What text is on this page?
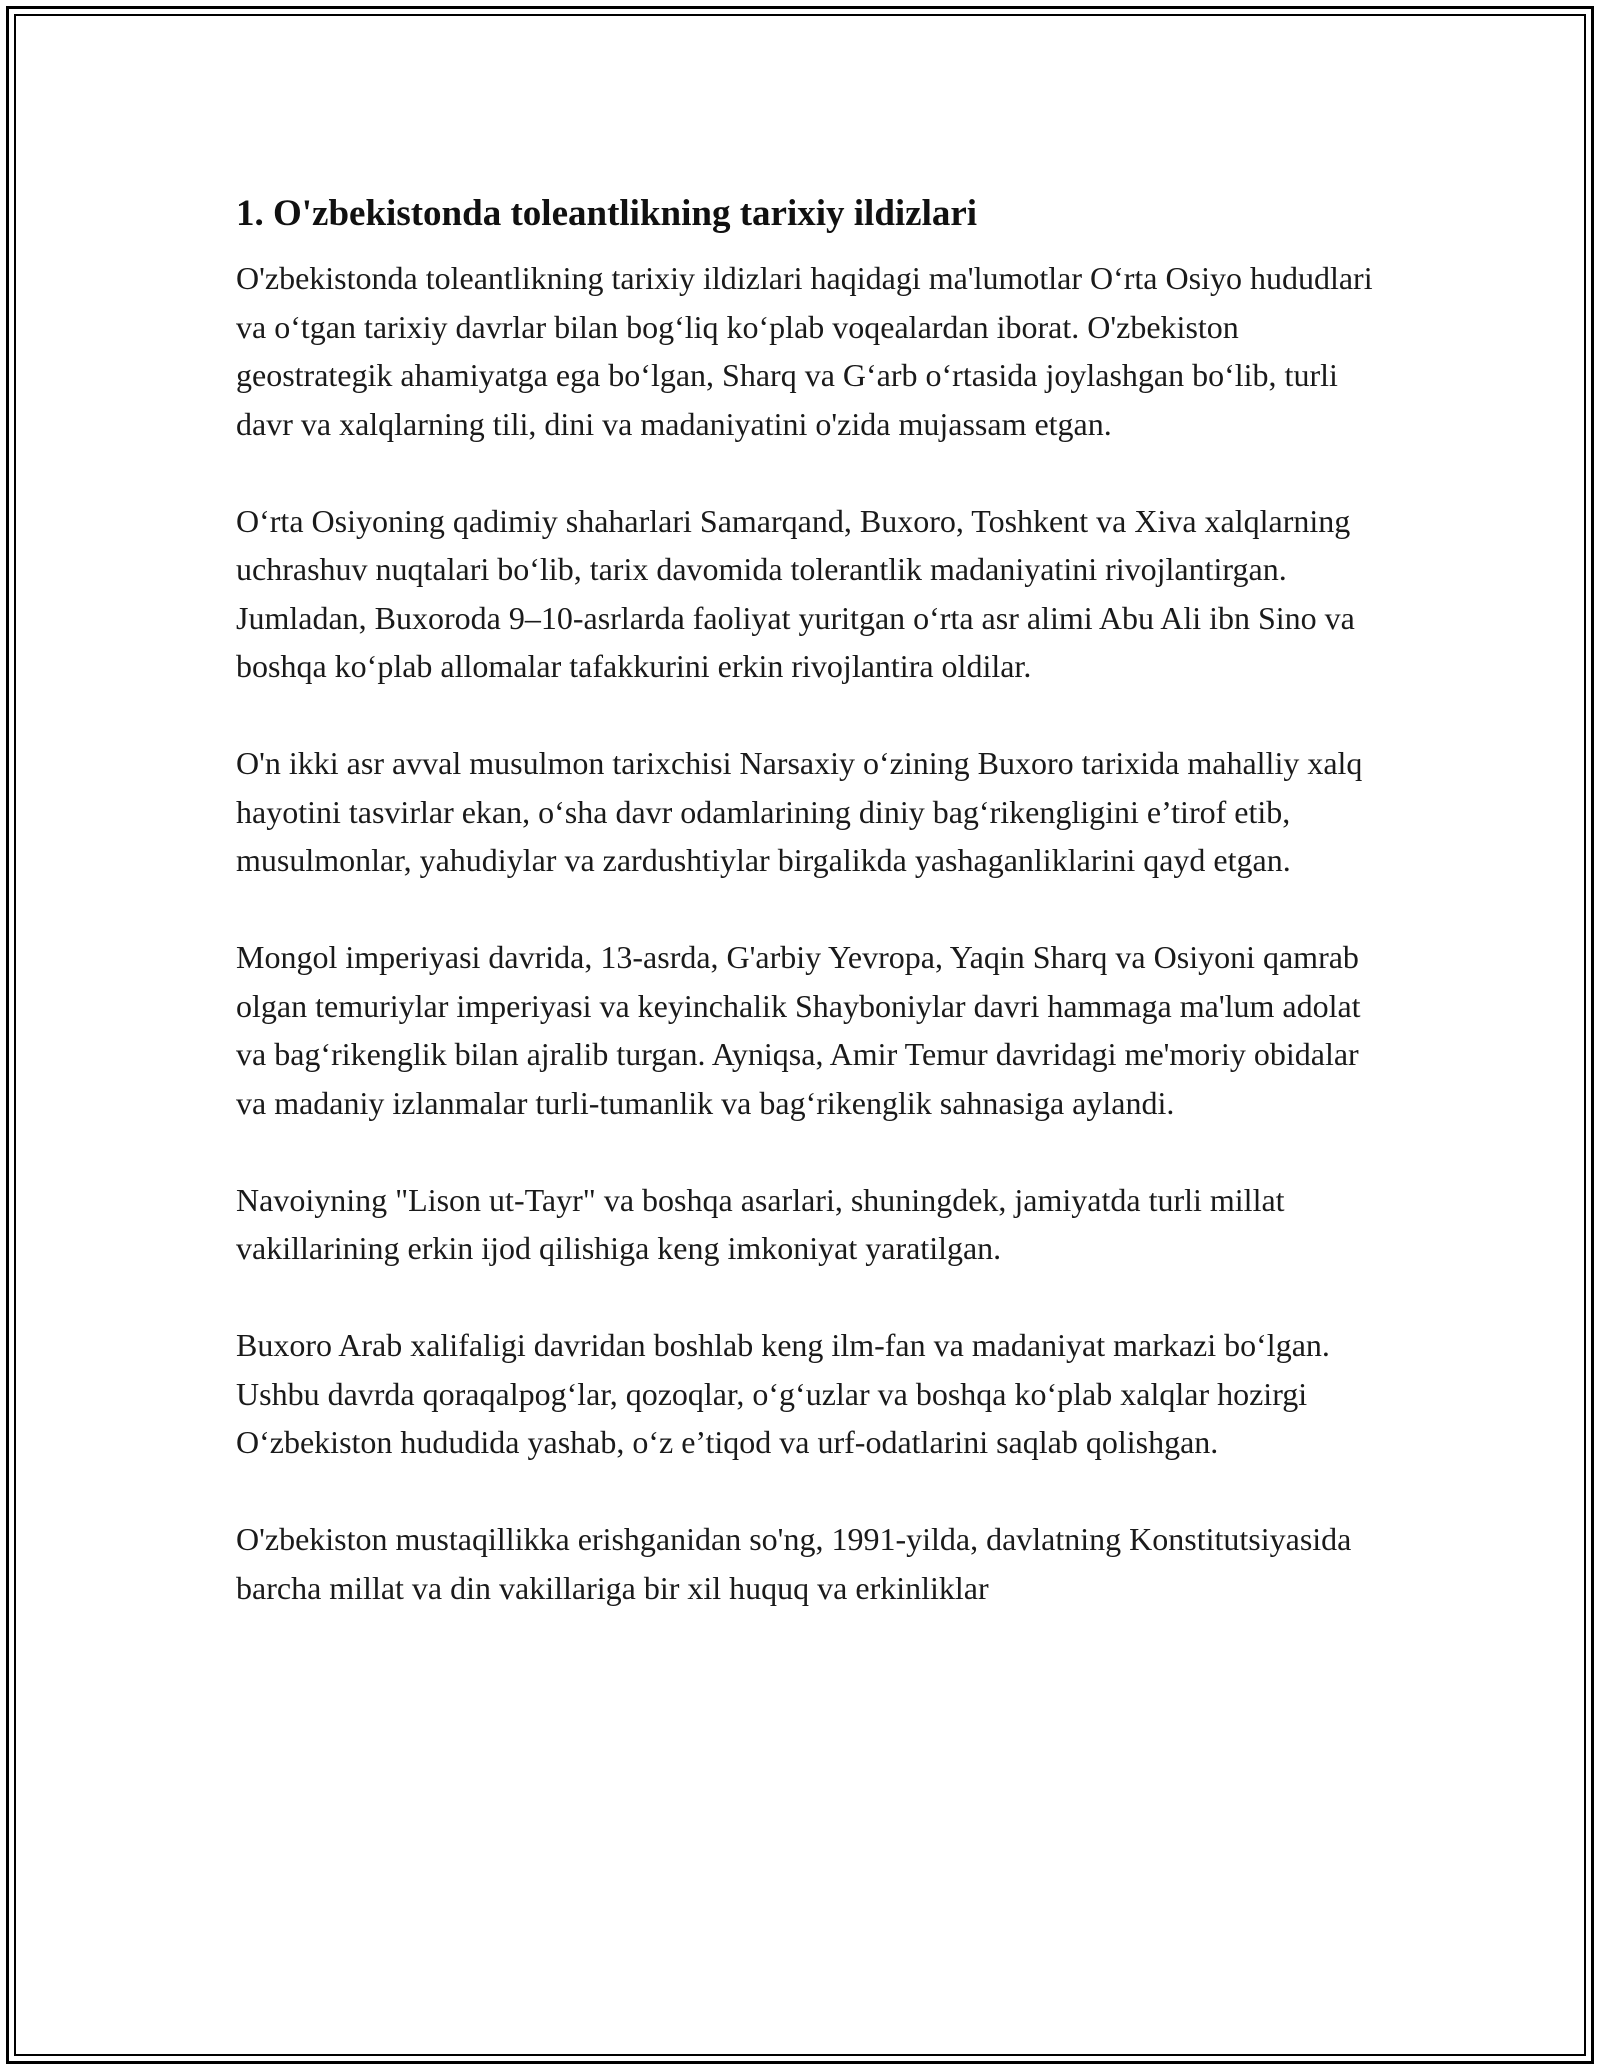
1. O'zbekistonda toleantlikning tarixiy ildizlari

O'zbekistonda toleantlikning tarixiy ildizlari haqidagi ma'lumotlar O‘rta Osiyo hududlari va o‘tgan tarixiy davrlar bilan bog‘liq ko‘plab voqealardan iborat. O'zbekiston geostrategik ahamiyatga ega bo‘lgan, Sharq va G‘arb o‘rtasida joylashgan bo‘lib, turli davr va xalqlarning tili, dini va madaniyatini o'zida mujassam etgan.

O‘rta Osiyoning qadimiy shaharlari Samarqand, Buxoro, Toshkent va Xiva xalqlarning uchrashuv nuqtalari bo‘lib, tarix davomida tolerantlik madaniyatini rivojlantirgan. Jumladan, Buxoroda 9–10-asrlarda faoliyat yuritgan o‘rta asr alimi Abu Ali ibn Sino va boshqa ko‘plab allomalar tafakkurini erkin rivojlantira oldilar.

O'n ikki asr avval musulmon tarixchisi Narsaxiy o‘zining Buxoro tarixida mahalliy xalq hayotini tasvirlar ekan, o‘sha davr odamlarining diniy bag‘rikengligini e’tirof etib, musulmonlar, yahudiylar va zardushtiylar birgalikda yashaganliklarini qayd etgan.

Mongol imperiyasi davrida, 13-asrda, G'arbiy Yevropa, Yaqin Sharq va Osiyoni qamrab olgan temuriylar imperiyasi va keyinchalik Shayboniylar davri hammaga ma'lum adolat va bag‘rikenglik bilan ajralib turgan. Ayniqsa, Amir Temur davridagi me'moriy obidalar va madaniy izlanmalar turli-tumanlik va bag‘rikenglik sahnasiga aylandi.

Navoiyning "Lison ut-Tayr" va boshqa asarlari, shuningdek, jamiyatda turli millat vakillarining erkin ijod qilishiga keng imkoniyat yaratilgan.

Buxoro Arab xalifaligi davridan boshlab keng ilm-fan va madaniyat markazi bo‘lgan. Ushbu davrda qoraqalpog‘lar, qozoqlar, o‘g‘uzlar va boshqa ko‘plab xalqlar hozirgi O‘zbekiston hududida yashab, o‘z e’tiqod va urf-odatlarini saqlab qolishgan.

O'zbekiston mustaqillikka erishganidan so'ng, 1991-yilda, davlatning Konstitutsiyasida barcha millat va din vakillariga bir xil huquq va erkinliklar
